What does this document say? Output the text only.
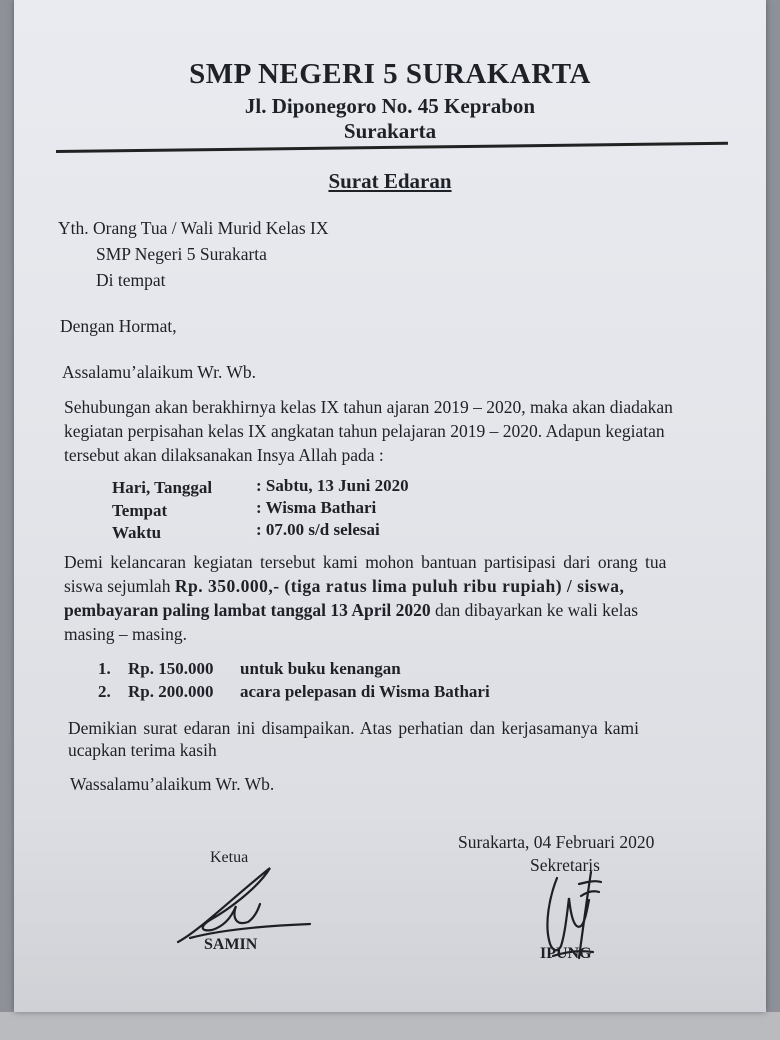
SMP NEGERI 5 SURAKARTA
Jl. Diponegoro No. 45 Keprabon
Surakarta
Surat Edaran
Yth. Orang Tua / Wali Murid Kelas IX
SMP Negeri 5 Surakarta
Di tempat
Dengan Hormat,
Assalamu’alaikum Wr. Wb.
Sehubungan akan berakhirnya kelas IX tahun ajaran 2019 – 2020, maka akan diadakan
kegiatan perpisahan kelas IX angkatan tahun pelajaran 2019 – 2020. Adapun kegiatan
tersebut akan dilaksanakan Insya Allah pada :
Hari, Tanggal	: Sabtu, 13 Juni 2020
Tempat	: Wisma Bathari
Waktu	: 07.00 s/d selesai
Demi kelancaran kegiatan tersebut kami mohon bantuan partisipasi dari orang tua
siswa sejumlah Rp. 350.000,- (tiga ratus lima puluh ribu rupiah) / siswa,
pembayaran paling lambat tanggal 13 April 2020 dan dibayarkan ke wali kelas
masing – masing.
1. Rp. 150.000 untuk buku kenangan
2. Rp. 200.000 acara pelepasan di Wisma Bathari
Demikian surat edaran ini disampaikan. Atas perhatian dan kerjasamanya kami
ucapkan terima kasih
Wassalamu’alaikum Wr. Wb.
Surakarta, 04 Februari 2020
Ketua	Sekretaris
SAMIN
IPUNG
